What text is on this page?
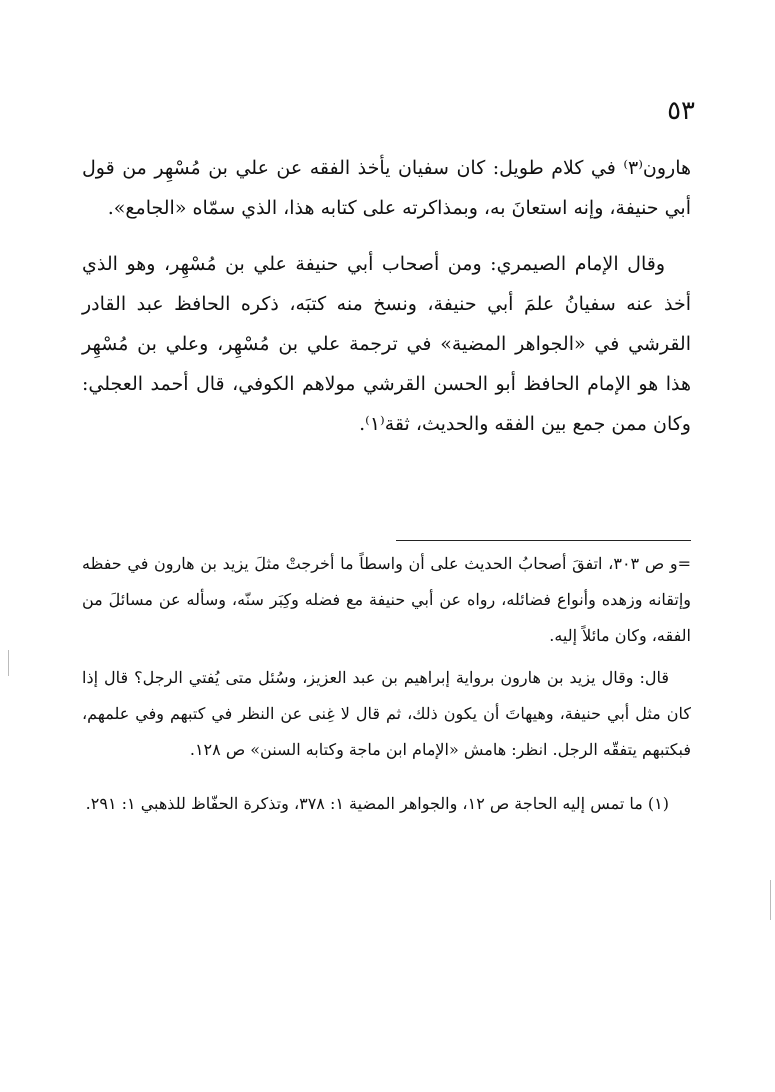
٥٣

هارون⁽٣⁾ في كلام طويل: كان سفيان يأخذ الفقه عن علي بن مُسْهِر من قول أبي حنيفة، وإنه استعانَ به، وبمذاكرته على كتابه هذا، الذي سمّاه «الجامع».

وقال الإمام الصيمري: ومن أصحاب أبي حنيفة علي بن مُسْهِر، وهو الذي أخذ عنه سفيانُ علمَ أبي حنيفة، ونسخ منه كتبَه، ذكره الحافظ عبد القادر القرشي في «الجواهر المضية» في ترجمة علي بن مُسْهِر، وعلي بن مُسْهِر هذا هو الإمام الحافظ أبو الحسن القرشي مولاهم الكوفي، قال أحمد العجلي: وكان ممن جمع بين الفقه والحديث، ثقة⁽١⁾.

=و ص ٣٠٣، اتفقَ أصحابُ الحديث على أن واسطاً ما أخرجتْ مثلَ يزيد بن هارون في حفظه وإتقانه وزهده وأنواع فضائله، رواه عن أبي حنيفة مع فضله وكِبَر سنّه، وسأله عن مسائلَ من الفقه، وكان مائلاً إليه.

قال: وقال يزيد بن هارون برواية إبراهيم بن عبد العزيز، وسُئل متى يُفتي الرجل؟ قال إذا كان مثل أبي حنيفة، وهيهاتَ أن يكون ذلك، ثم قال لا غِنى عن النظر في كتبهم وفي علمهم، فبكتبهم يتفقّه الرجل. انظر: هامش «الإمام ابن ماجة وكتابه السنن» ص ١٢٨.

(١) ما تمس إليه الحاجة ص ١٢، والجواهر المضية ١: ٣٧٨، وتذكرة الحفّاظ للذهبي ١: ٢٩١.
